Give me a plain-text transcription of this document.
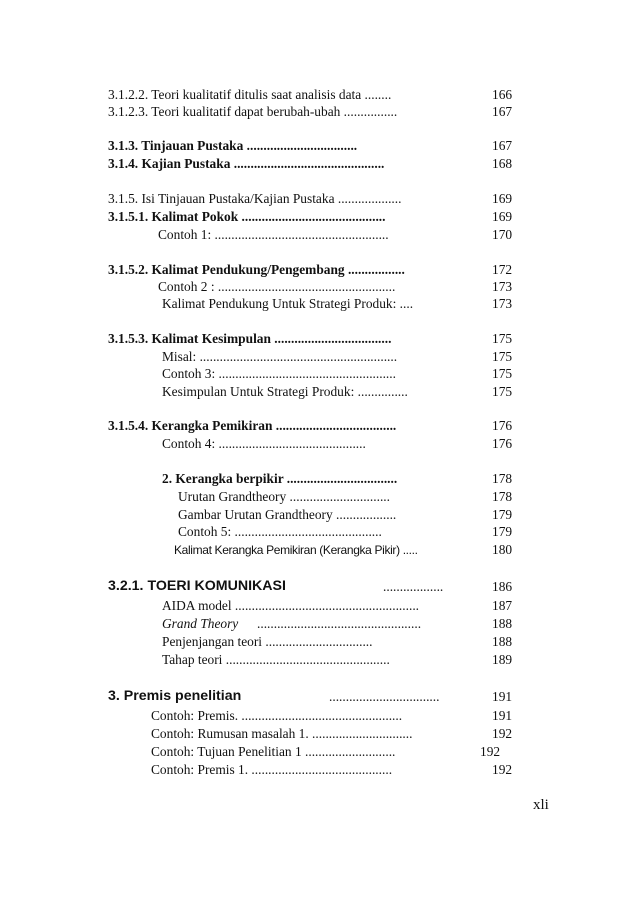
3.1.2.2. Teori kualitatif ditulis saat analisis data ........	166
3.1.2.3. Teori kualitatif dapat berubah-ubah ................	167
3.1.3. Tinjauan Pustaka .................................	167
3.1.4. Kajian Pustaka .............................................	168
3.1.5. Isi Tinjauan Pustaka/Kajian Pustaka ...................	169
3.1.5.1. Kalimat Pokok ...........................................	169
Contoh 1: ....................................................	170
3.1.5.2. Kalimat Pendukung/Pengembang .................	172
Contoh 2 : .....................................................	173
Kalimat Pendukung Untuk Strategi Produk: ....	173
3.1.5.3. Kalimat Kesimpulan ...................................	175
Misal: ...........................................................	175
Contoh 3: .....................................................	175
Kesimpulan Untuk Strategi Produk: ...............	175
3.1.5.4. Kerangka Pemikiran ....................................	176
Contoh 4: ............................................	176
2. Kerangka berpikir .................................	178
Urutan Grandtheory ..............................	178
Gambar Urutan Grandtheory ..................	179
Contoh 5: ............................................	179
Kalimat Kerangka Pemikiran (Kerangka Pikir) .....	180
3.2.1. TOERI KOMUNIKASI	..................	186
AIDA model .......................................................	187
Grand Theory .................................................	188
Penjenjangan teori ................................	188
Tahap teori .................................................	189
3. Premis penelitian	.................................	191
Contoh: Premis. ................................................	191
Contoh: Rumusan masalah 1. ..............................	192
Contoh: Tujuan Penelitian 1 ...........................	192
Contoh: Premis 1. ..........................................	192
xli
